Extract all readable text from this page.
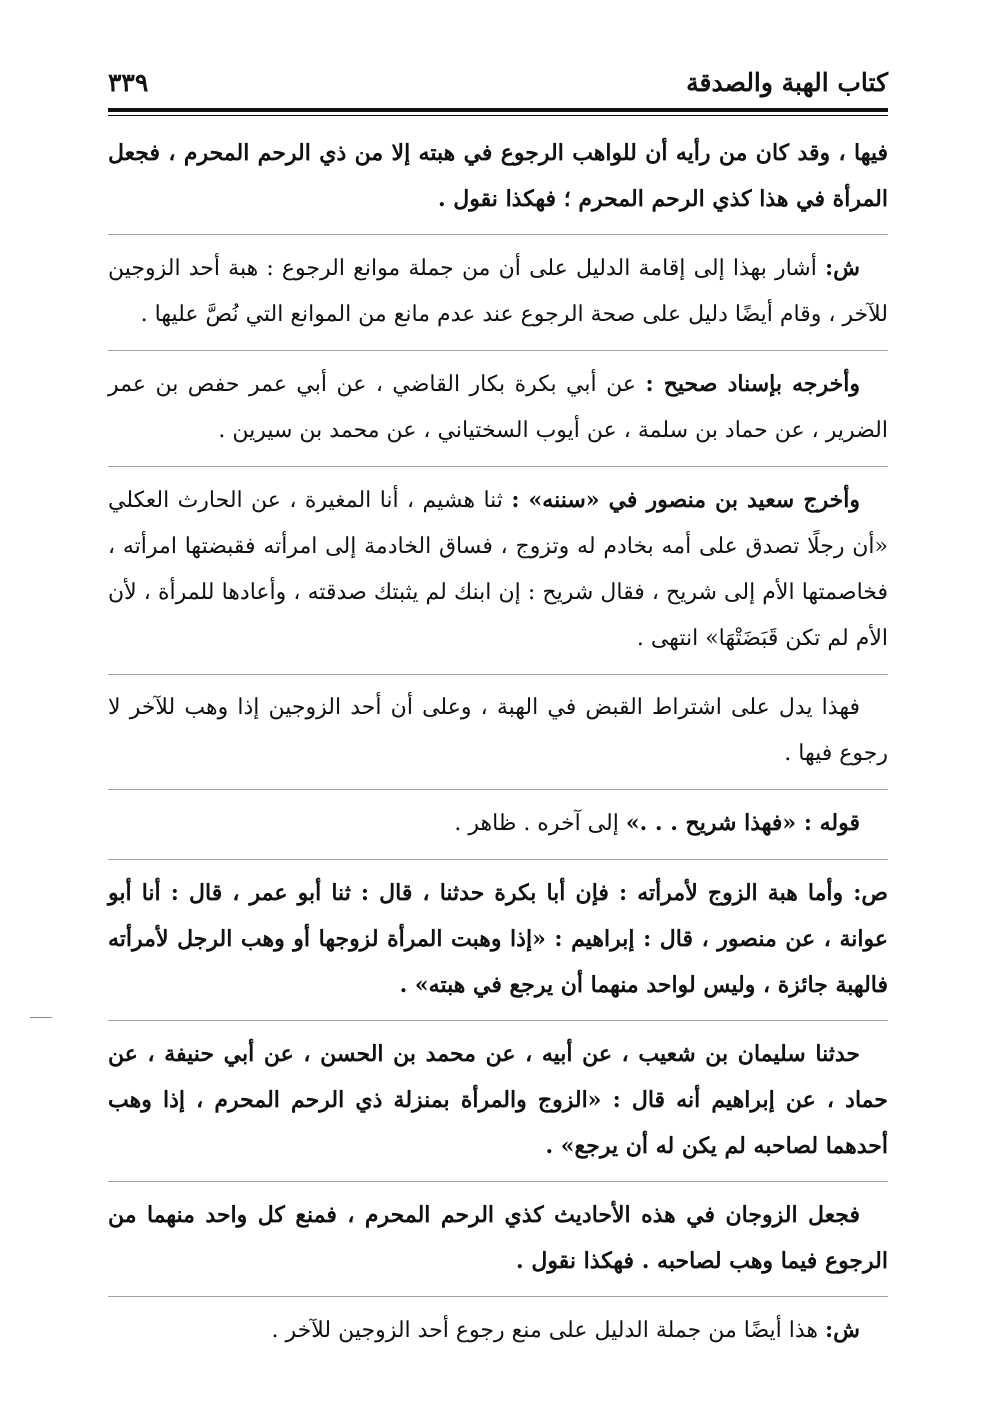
كتاب الهبة والصدقة
٣٣٩

فيها ، وقد كان من رأيه أن للواهب الرجوع في هبته إلا من ذي الرحم المحرم ، فجعل المرأة في هذا كذي الرحم المحرم ؛ فهكذا نقول .

ش: أشار بهذا إلى إقامة الدليل على أن من جملة موانع الرجوع : هبة أحد الزوجين للآخر ، وقام أيضًا دليل على صحة الرجوع عند عدم مانع من الموانع التي نُصَّ عليها .

وأخرجه بإسناد صحيح : عن أبي بكرة بكار القاضي ، عن أبي عمر حفص بن عمر الضرير ، عن حماد بن سلمة ، عن أيوب السختياني ، عن محمد بن سيرين .

وأخرج سعيد بن منصور في «سننه» : ثنا هشيم ، أنا المغيرة ، عن الحارث العكلي «أن رجلًا تصدق على أمه بخادم له وتزوج ، فساق الخادمة إلى امرأته فقبضتها امرأته ، فخاصمتها الأم إلى شريح ، فقال شريح : إن ابنك لم يثبتك صدقته ، وأعادها للمرأة ، لأن الأم لم تكن قَبَضَتْهَا» انتهى .

فهذا يدل على اشتراط القبض في الهبة ، وعلى أن أحد الزوجين إذا وهب للآخر لا رجوع فيها .

قوله : «فهذا شريح . . .» إلى آخره . ظاهر .

ص: وأما هبة الزوج لأمرأته : فإن أبا بكرة حدثنا ، قال : ثنا أبو عمر ، قال : أنا أبو عوانة ، عن منصور ، قال : إبراهيم : «إذا وهبت المرأة لزوجها أو وهب الرجل لأمرأته فالهبة جائزة ، وليس لواحد منهما أن يرجع في هبته» .

حدثنا سليمان بن شعيب ، عن أبيه ، عن محمد بن الحسن ، عن أبي حنيفة ، عن حماد ، عن إبراهيم أنه قال : «الزوج والمرأة بمنزلة ذي الرحم المحرم ، إذا وهب أحدهما لصاحبه لم يكن له أن يرجع» .

فجعل الزوجان في هذه الأحاديث كذي الرحم المحرم ، فمنع كل واحد منهما من الرجوع فيما وهب لصاحبه . فهكذا نقول .

ش: هذا أيضًا من جملة الدليل على منع رجوع أحد الزوجين للآخر .
